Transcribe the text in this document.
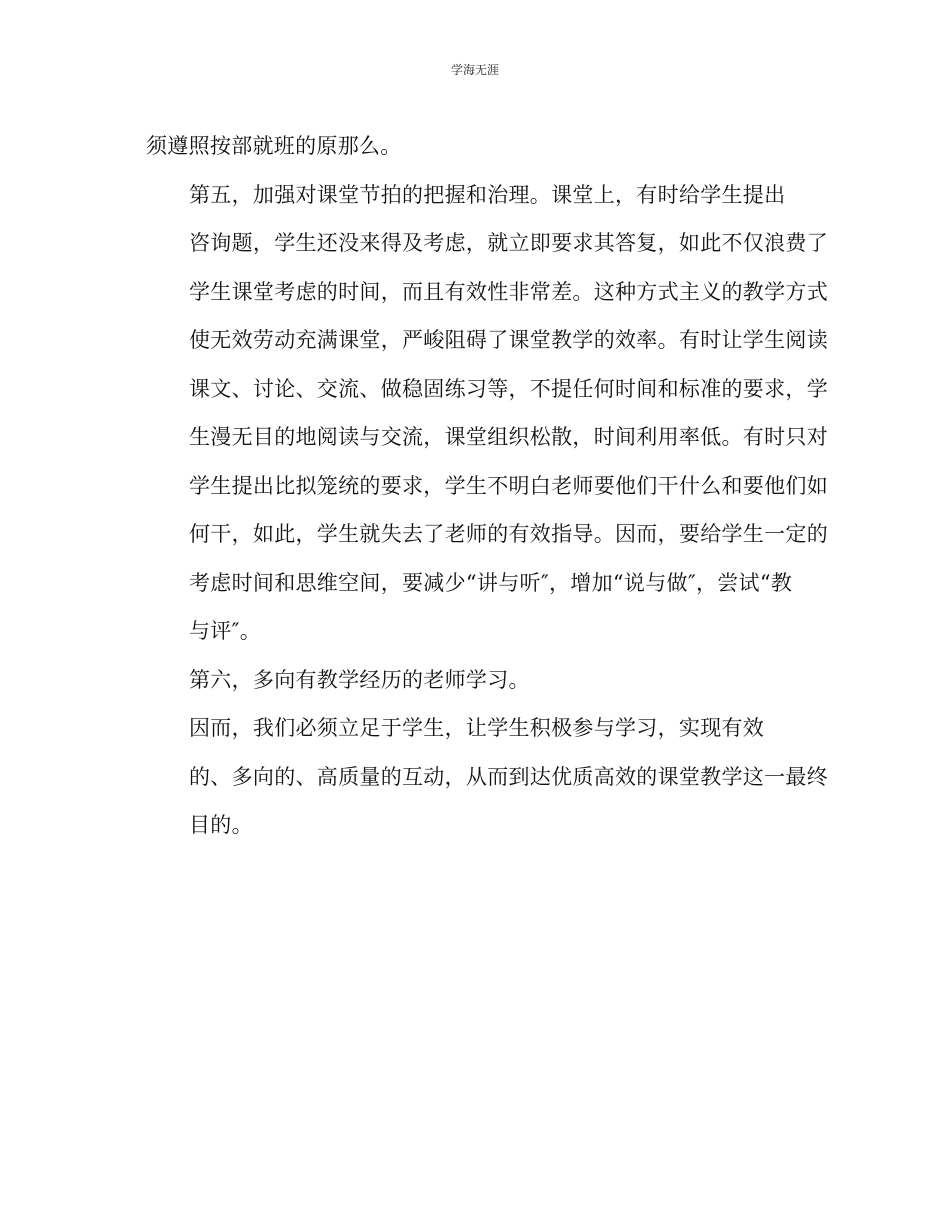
学海无涯

须遵照按部就班的原那么。

第五，加强对课堂节拍的把握和治理。课堂上，有时给学生提出
咨询题，学生还没来得及考虑，就立即要求其答复，如此不仅浪费了
学生课堂考虑的时间，而且有效性非常差。这种方式主义的教学方式
使无效劳动充满课堂，严峻阻碍了课堂教学的效率。有时让学生阅读
课文、讨论、交流、做稳固练习等，不提任何时间和标准的要求，学
生漫无目的地阅读与交流，课堂组织松散，时间利用率低。有时只对
学生提出比拟笼统的要求，学生不明白老师要他们干什么和要他们如
何干，如此，学生就失去了老师的有效指导。因而，要给学生一定的
考虑时间和思维空间，要减少“讲与听″，增加“说与做″，尝试“教
与评″。

第六，多向有教学经历的老师学习。

因而，我们必须立足于学生，让学生积极参与学习，实现有效
的、多向的、高质量的互动，从而到达优质高效的课堂教学这一最终
目的。
